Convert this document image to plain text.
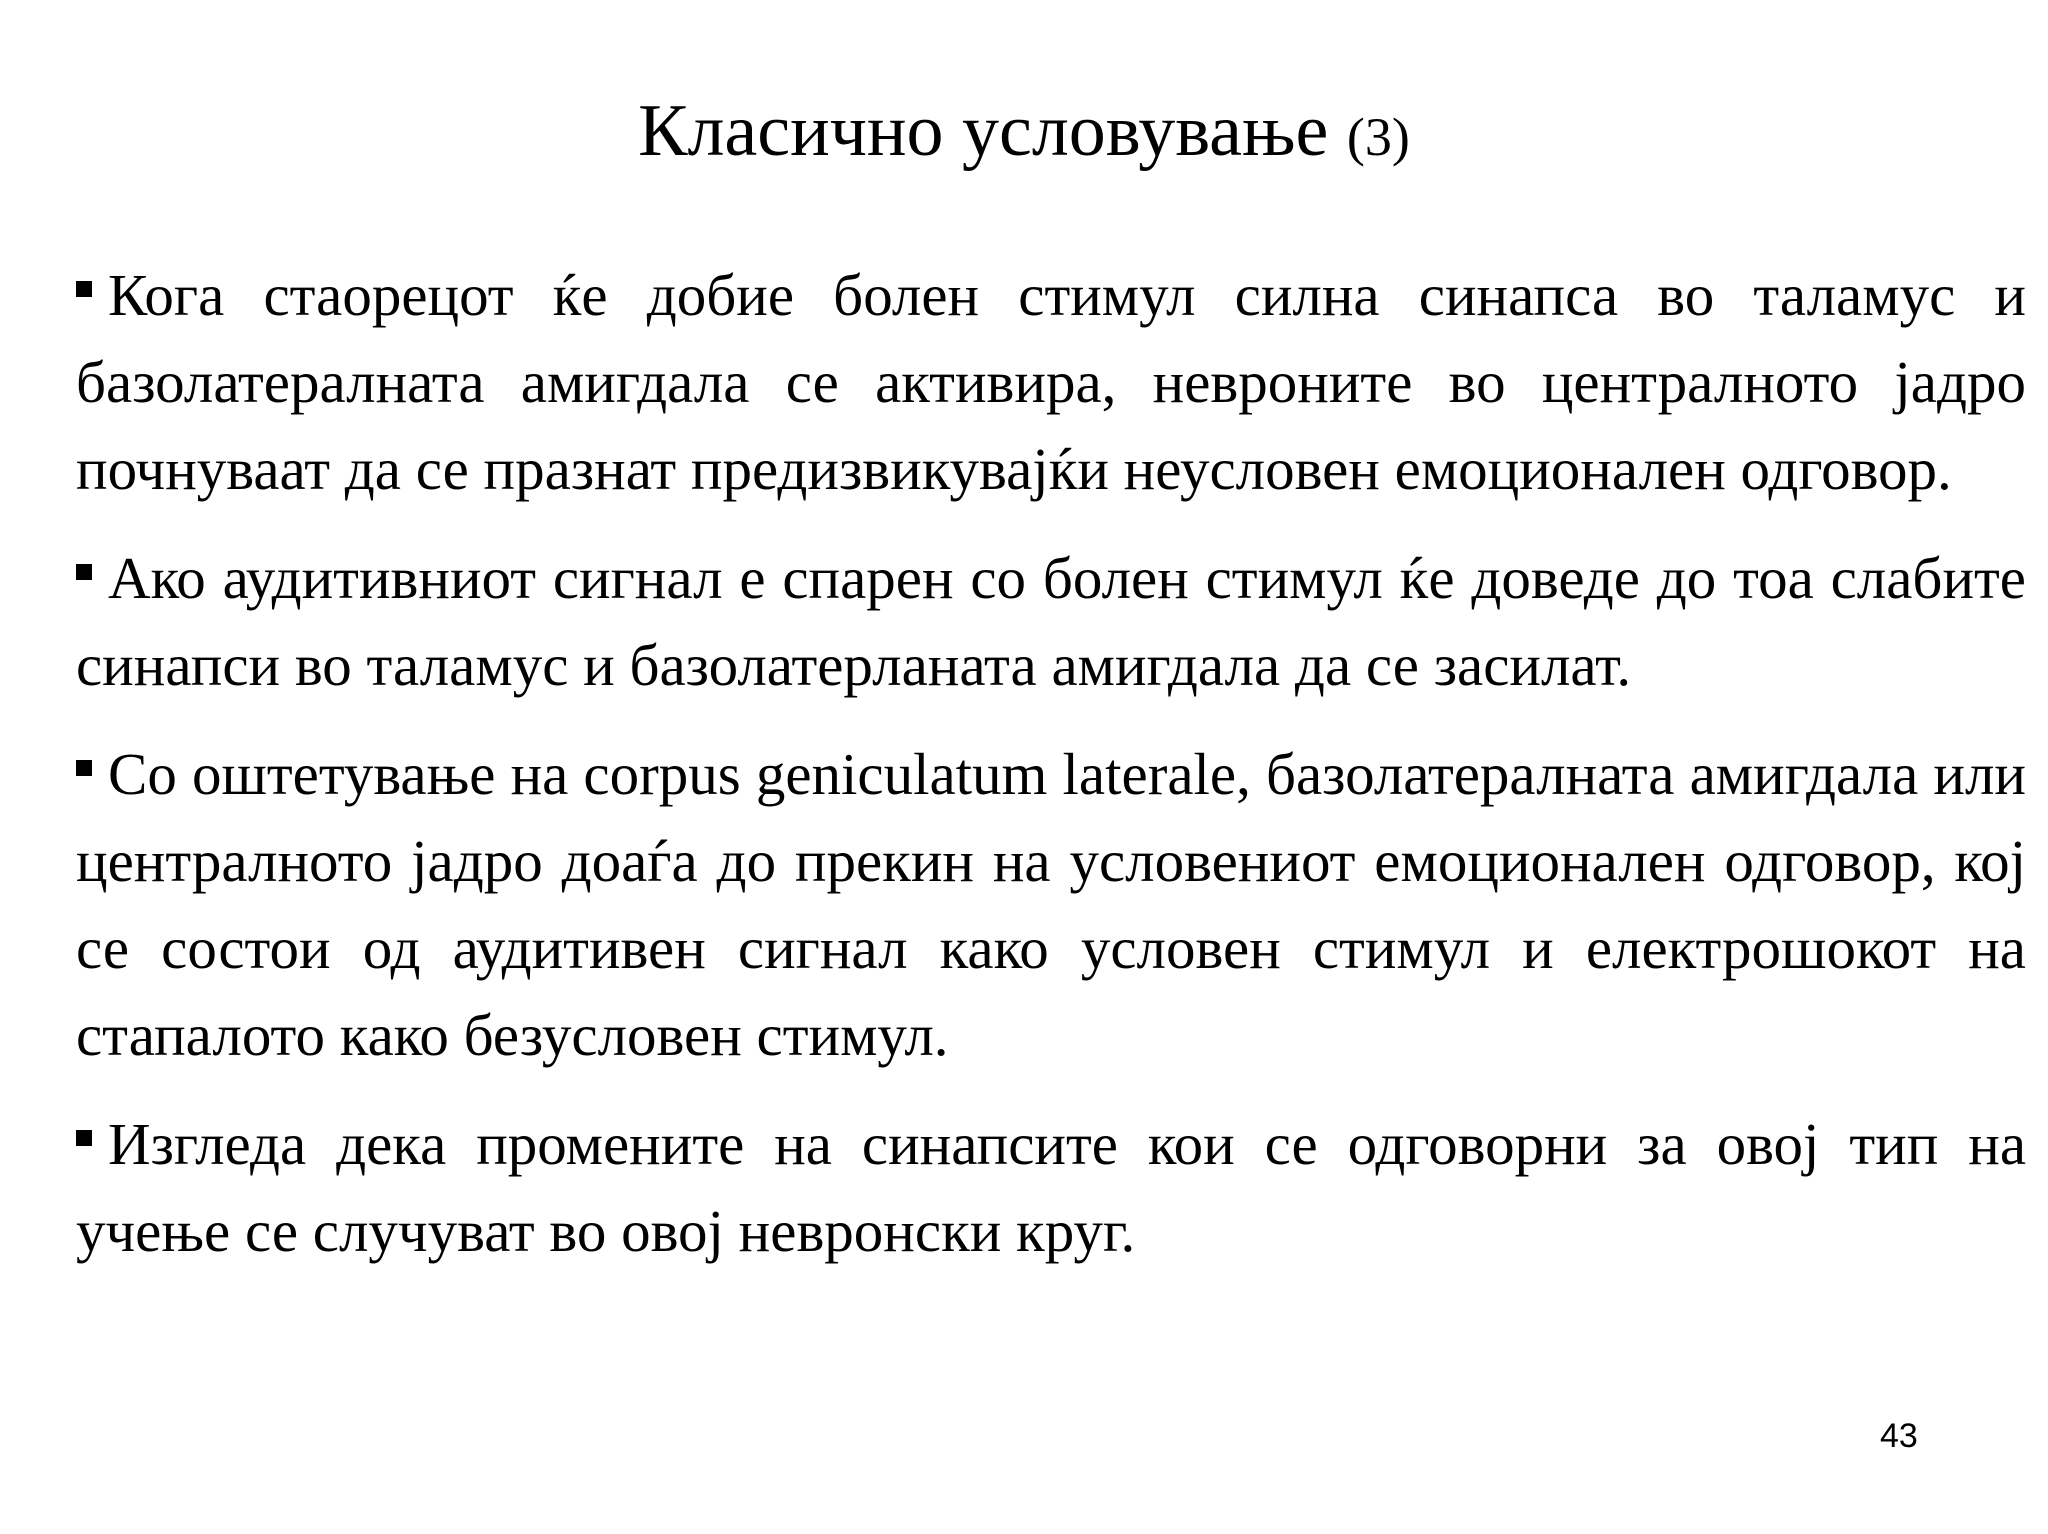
Класично условување (3)

Кога стаорецот ќе добие болен стимул силна синапса во таламус и базолатералната амигдала се активира, невроните во централното јадро почнуваат да се празнат предизвикувајќи неусловен емоционален одговор.

Ако аудитивниот сигнал е спарен со болен стимул ќе доведе до тоа слабите синапси во таламус и базолатерланата амигдала да се засилат.

Со оштетување на corpus geniculatum laterale, базолатералната амигдала или централното јадро доаѓа до прекин на условениот емоционален одговор, кој се состои од аудитивен сигнал како условен стимул и електрошокот на стапалото како безусловен стимул.

Изгледа дека промените на синапсите кои се одговорни за овој тип на учење се случуват во овој невронски круг.

43
